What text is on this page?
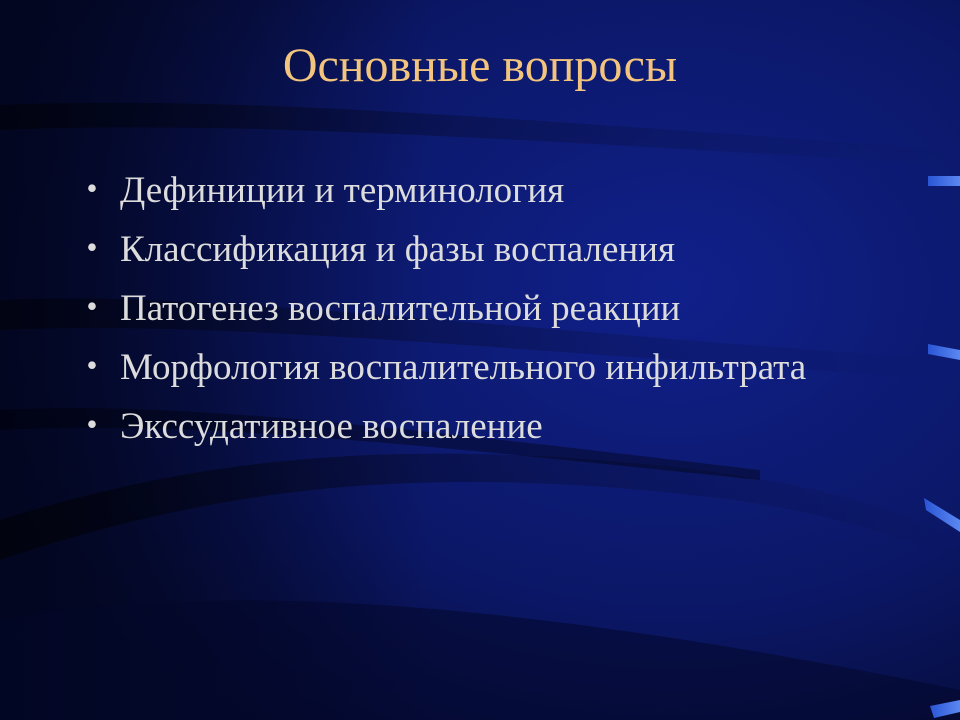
Основные вопросы
• Дефиниции и терминология
• Классификация и фазы воспаления
• Патогенез воспалительной реакции
• Морфология воспалительного инфильтрата
• Экссудативное воспаление
